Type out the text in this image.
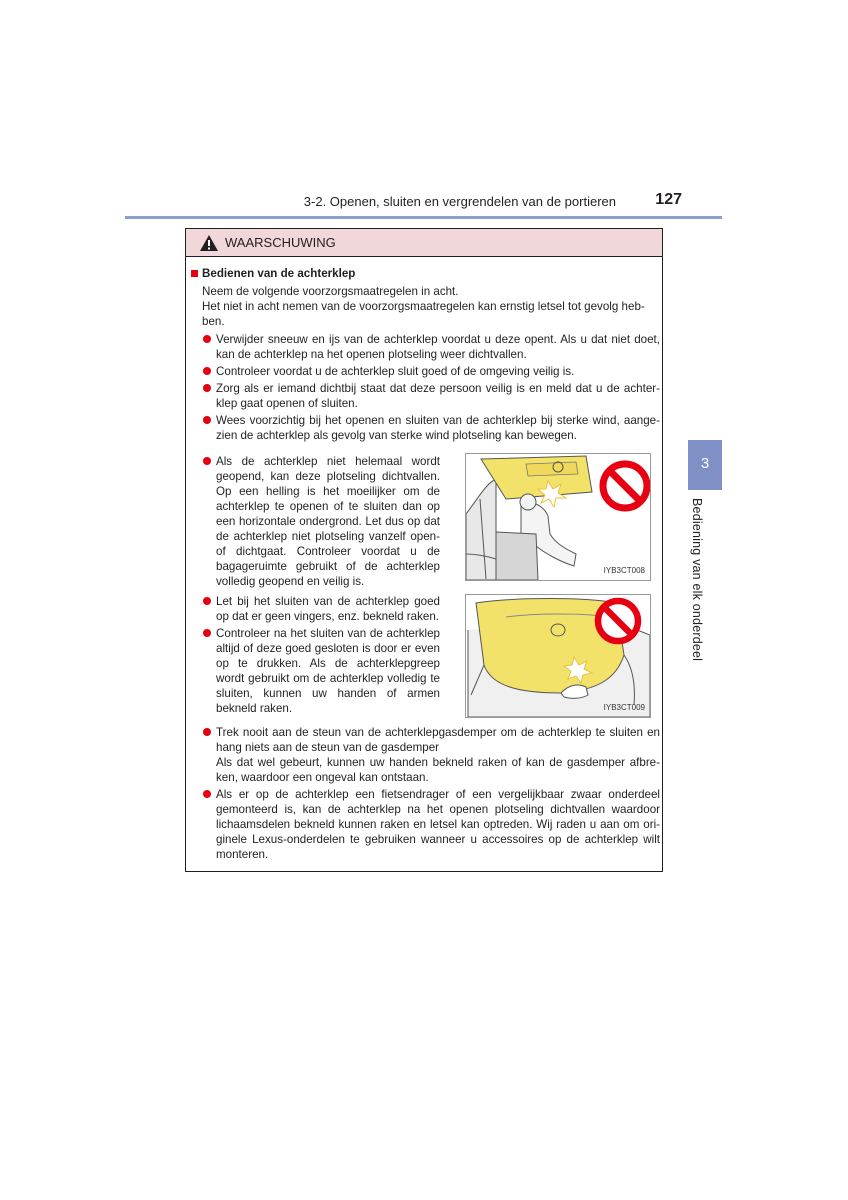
3-2. Openen, sluiten en vergrendelen van de portieren	127
3
Bediening van elk onderdeel
WAARSCHUWING
Bedienen van de achterklep

Neem de volgende voorzorgsmaatregelen in acht.

Het niet in acht nemen van de voorzorgsmaatregelen kan ernstig letsel tot gevolg heb-ben.

Verwijder sneeuw en ijs van de achterklep voordat u deze opent. Als u dat niet doet, kan de achterklep na het openen plotseling weer dichtvallen.
Controleer voordat u de achterklep sluit goed of de omgeving veilig is.
Zorg als er iemand dichtbij staat dat deze persoon veilig is en meld dat u de achter-klep gaat openen of sluiten.
Wees voorzichtig bij het openen en sluiten van de achterklep bij sterke wind, aange-zien de achterklep als gevolg van sterke wind plotseling kan bewegen.
Als de achterklep niet helemaal wordt geopend, kan deze plotseling dichtvallen. Op een helling is het moeilijker om de achterklep te openen of te sluiten dan op een horizontale ondergrond. Let dus op dat de achterklep niet plotseling vanzelf open- of dichtgaat. Controleer voordat u de bagageruimte gebruikt of de achterklep volledig geopend en veilig is.
IYB3CT008
Let bij het sluiten van de achterklep goed op dat er geen vingers, enz. bekneld raken.
Controleer na het sluiten van de achterklep altijd of deze goed gesloten is door er even op te drukken. Als de achterklepgreep wordt gebruikt om de achterklep volledig te sluiten, kunnen uw handen of armen bekneld raken.	IYB3CT009
Trek nooit aan de steun van de achterklepgasdemper om de achterklep te sluiten en hang niets aan de steun van de gasdemper
Als dat wel gebeurt, kunnen uw handen bekneld raken of kan de gasdemper afbre-ken, waardoor een ongeval kan ontstaan.
Als er op de achterklep een fietsendrager of een vergelijkbaar zwaar onderdeel gemonteerd is, kan de achterklep na het openen plotseling dichtvallen waardoor lichaamsdelen bekneld kunnen raken en letsel kan optreden. Wij raden u aan om ori-ginele Lexus-onderdelen te gebruiken wanneer u accessoires op de achterklep wilt monteren.
